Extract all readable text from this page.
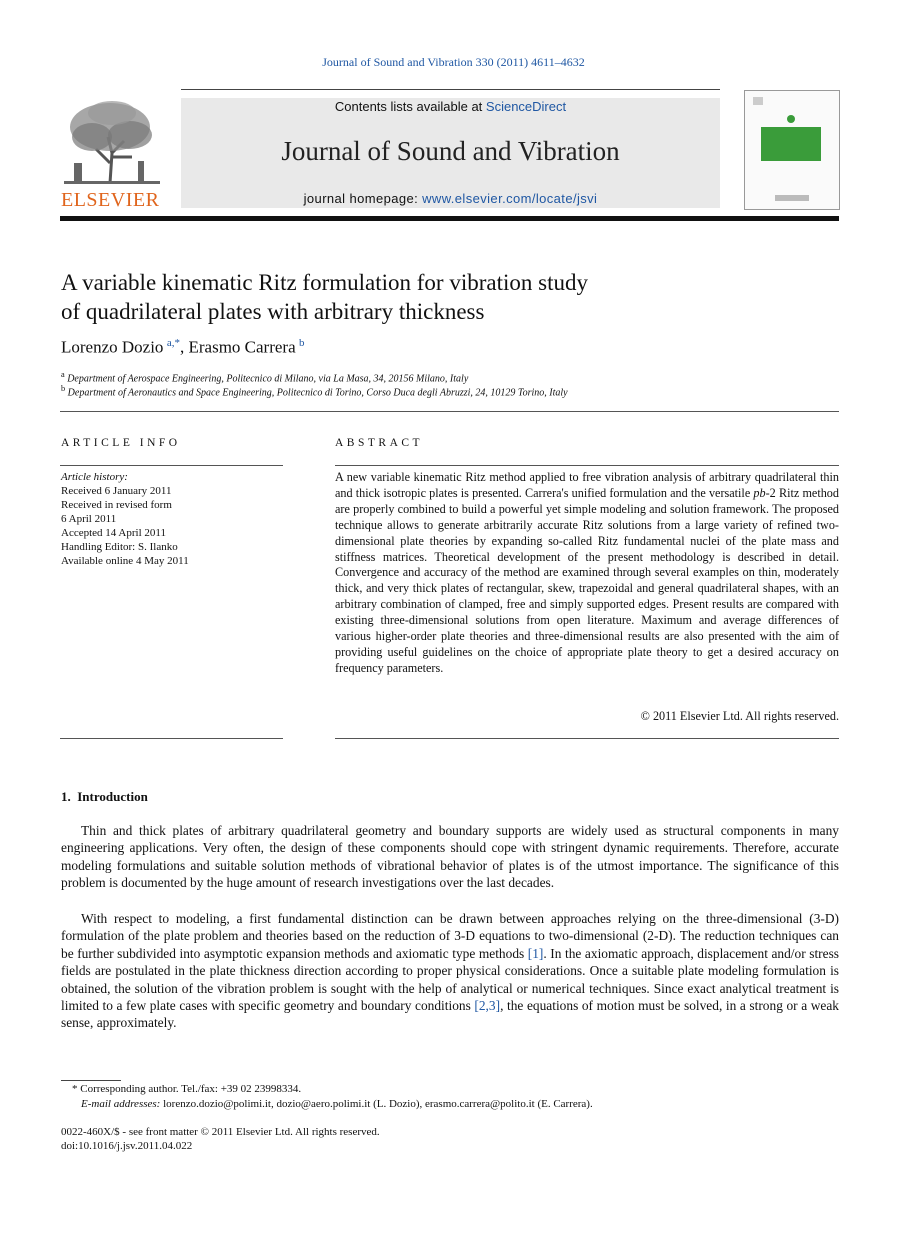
Journal of Sound and Vibration 330 (2011) 4611–4632
ELSEVIER
Contents lists available at ScienceDirect
Journal of Sound and Vibration
journal homepage: www.elsevier.com/locate/jsvi
A variable kinematic Ritz formulation for vibration study
of quadrilateral plates with arbitrary thickness
Lorenzo Dozio  $^{a,*}$, Erasmo Carrera  $^b$
$^a$ Department of Aerospace Engineering, Politecnico di Milano, via La Masa, 34, 20156 Milano, Italy
$^b$ Department of Aeronautics and Space Engineering, Politecnico di Torino, Corso Duca degli Abruzzi, 24, 10129 Torino, Italy
ARTICLE INFO
Article history:
Received 6 January 2011
Received in revised form
6 April 2011
Accepted 14 April 2011
Handling Editor: S. Ilanko
Available online 4 May 2011
ABSTRACT
A new variable kinematic Ritz method applied to free vibration analysis of arbitrary quadrilateral thin and thick isotropic plates is presented. Carrera's unified formulation and the versatile pb-2 Ritz method are properly combined to build a powerful yet simple modeling and solution framework. The proposed technique allows to generate arbitrarily accurate Ritz solutions from a large variety of refined two-dimensional plate theories by expanding so-called Ritz fundamental nuclei of the plate mass and stiffness matrices. Theoretical development of the present methodology is described in detail. Convergence and accuracy of the method are examined through several examples on thin, moderately thick, and very thick plates of rectangular, skew, trapezoidal and general quadrilateral shapes, with an arbitrary combination of clamped, free and simply supported edges. Present results are compared with existing three-dimensional solutions from open literature. Maximum and average differences of various higher-order plate theories and three-dimensional results are also presented with the aim of providing useful guidelines on the choice of appropriate plate theory to get a desired accuracy on frequency parameters.
© 2011 Elsevier Ltd. All rights reserved.
1.  Introduction
Thin and thick plates of arbitrary quadrilateral geometry and boundary supports are widely used as structural components in many engineering applications. Very often, the design of these components should cope with stringent dynamic requirements. Therefore, accurate modeling formulations and suitable solution methods of vibrational behavior of plates is of the utmost importance. The significance of this problem is documented by the huge amount of research investigations over the last decades.
With respect to modeling, a first fundamental distinction can be drawn between approaches relying on the three-dimensional (3-D) formulation of the plate problem and theories based on the reduction of 3-D equations to two-dimensional (2-D). The reduction techniques can be further subdivided into asymptotic expansion methods and axiomatic type methods [1]. In the axiomatic approach, displacement and/or stress fields are postulated in the plate thickness direction according to proper physical considerations. Once a suitable plate modeling formulation is obtained, the solution of the vibration problem is sought with the help of analytical or numerical techniques. Since exact analytical treatment is limited to a few plate cases with specific geometry and boundary conditions [2,3], the equations of motion must be solved, in a strong or a weak sense, approximately.
* Corresponding author. Tel./fax: +39 02 23998334.
E-mail addresses: lorenzo.dozio@polimi.it, dozio@aero.polimi.it (L. Dozio), erasmo.carrera@polito.it (E. Carrera).
0022-460X/$ - see front matter © 2011 Elsevier Ltd. All rights reserved.
doi:10.1016/j.jsv.2011.04.022
